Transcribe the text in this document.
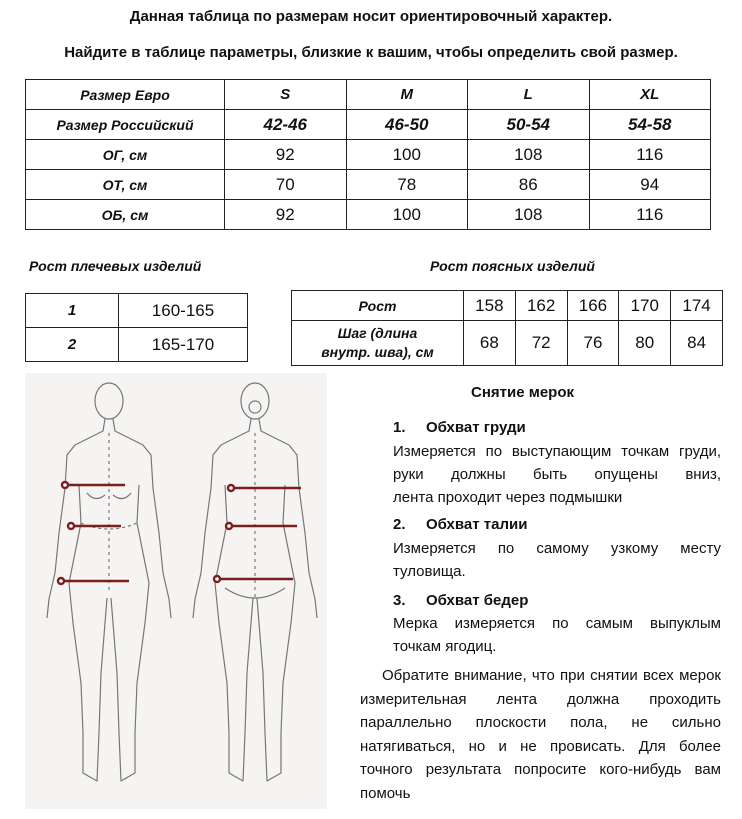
Данная таблица по размерам носит ориентировочный характер.
Найдите в таблице параметры, близкие к вашим, чтобы определить свой размер.
Размер Евро	S	M	L	XL
Размер Российский	42-46	46-50	50-54	54-58
ОГ, см	92	100	108	116
ОТ, см	70	78	86	94
ОБ, см	92	100	108	116
Рост плечевых изделий	Рост поясных изделий
1	160-165
2	165-170
Рост	158	162	166	170	174

Шаг (длина
внутр. шва), см	68	72	76	80	84
Снятие мерок
1. Обхват груди
Измеряется по выступающим точкам груди, руки должны быть опущены вниз,
лента проходит через подмышки
2. Обхват талии
Измеряется по самому узкому месту
туловища.
3. Обхват бедер
Мерка измеряется по самым выпуклым
точкам ягодиц.
Обратите внимание, что при снятии всех мерок измерительная лента должна проходить параллельно плоскости пола, не сильно натягиваться, но и не провисать. Для более точного результата попросите кого-нибудь вам помочь
